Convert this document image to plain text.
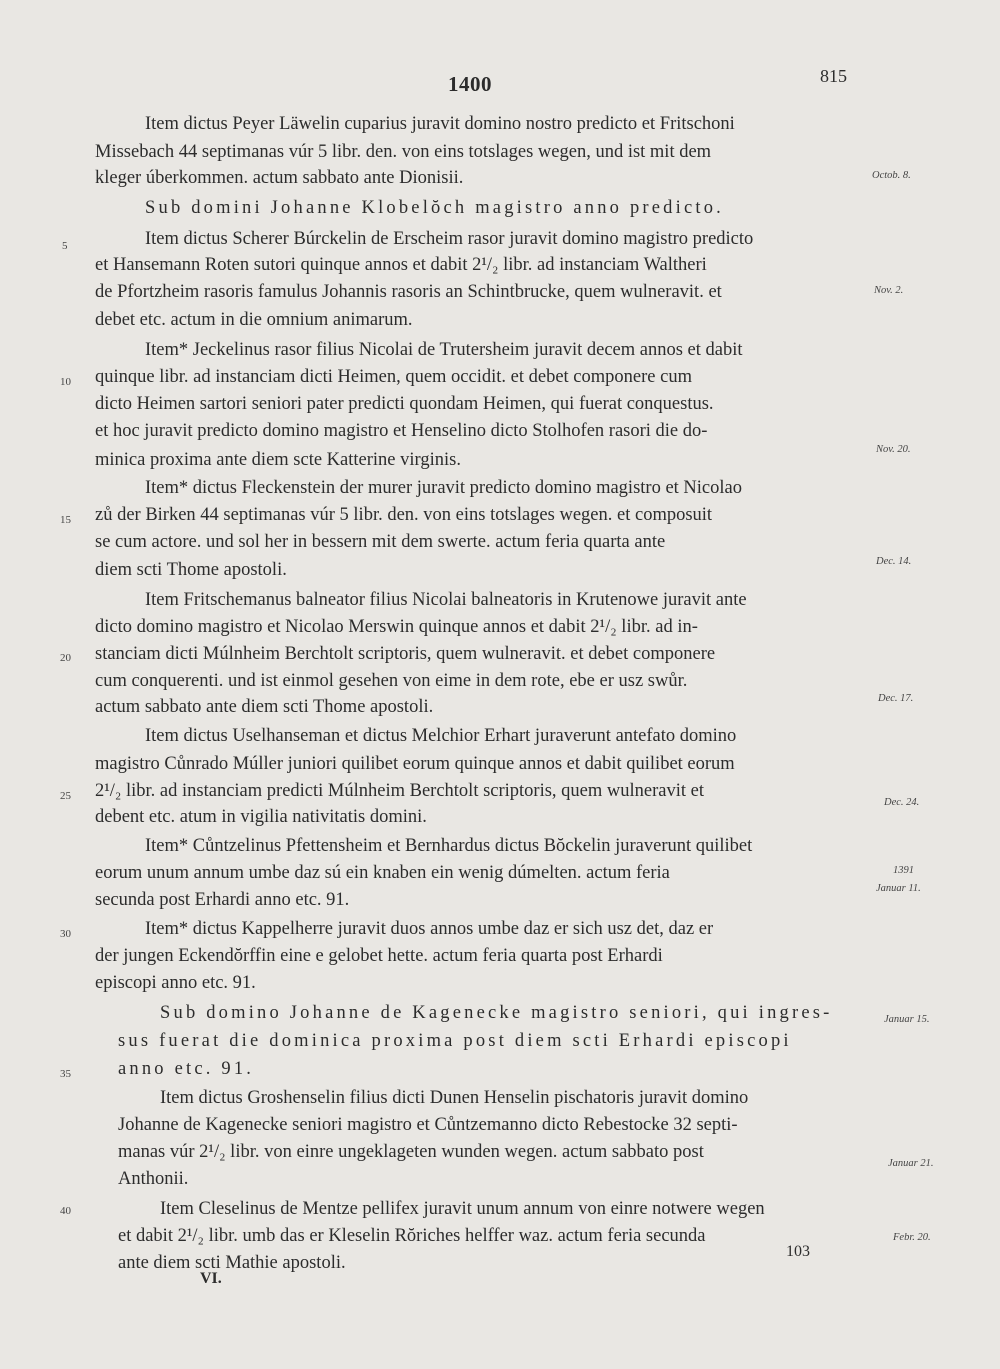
1400	815
Item dictus Peyer Läwelin cuparius juravit domino nostro predicto et Fritschoni
Missebach 44 septimanas vúr 5 libr. den. von eins totslages wegen, und ist mit dem
kleger úberkommen. actum sabbato ante Dionisii.
Sub domini Johanne Klobelŏch magistro anno predicto.
Item dictus Scherer Búrckelin de Erscheim rasor juravit domino magistro predicto
et Hansemann Roten sutori quinque annos et dabit 2¹/₂ libr. ad instanciam Waltheri
de Pfortzheim rasoris famulus Johannis rasoris an Schintbrucke, quem wulneravit. et
debet etc. actum in die omnium animarum.
Item* Jeckelinus rasor filius Nicolai de Trutersheim juravit decem annos et dabit
quinque libr. ad instanciam dicti Heimen, quem occidit. et debet componere cum
dicto Heimen sartori seniori pater predicti quondam Heimen, qui fuerat conquestus.
et hoc juravit predicto domino magistro et Henselino dicto Stolhofen rasori die do-
minica proxima ante diem scte Katterine virginis.
Item* dictus Fleckenstein der murer juravit predicto domino magistro et Nicolao
zů der Birken 44 septimanas vúr 5 libr. den. von eins totslages wegen. et composuit
se cum actore. und sol her in bessern mit dem swerte. actum feria quarta ante
diem scti Thome apostoli.
Item Fritschemanus balneator filius Nicolai balneatoris in Krutenowe juravit ante
dicto domino magistro et Nicolao Merswin quinque annos et dabit 2¹/₂ libr. ad in-
stanciam dicti Múlnheim Berchtolt scriptoris, quem wulneravit. et debet componere
cum conquerenti. und ist einmol gesehen von eime in dem rote, ebe er usz swůr.
actum sabbato ante diem scti Thome apostoli.
Item dictus Uselhanseman et dictus Melchior Erhart juraverunt antefato domino
magistro Cůnrado Múller juniori quilibet eorum quinque annos et dabit quilibet eorum
2¹/₂ libr. ad instanciam predicti Múlnheim Berchtolt scriptoris, quem wulneravit et
debent etc. atum in vigilia nativitatis domini.
Item* Cůntzelinus Pfettensheim et Bernhardus dictus Bŏckelin juraverunt quilibet
eorum unum annum umbe daz sú ein knaben ein wenig dúmelten. actum feria
secunda post Erhardi anno etc. 91.
Item* dictus Kappelherre juravit duos annos umbe daz er sich usz det, daz er
der jungen Eckendŏrffin eine e gelobet hette. actum feria quarta post Erhardi
episcopi anno etc. 91.
Sub domino Johanne de Kagenecke magistro seniori, qui ingres-
sus fuerat die dominica proxima post diem scti Erhardi episcopi
anno etc. 91.
Item dictus Groshenselin filius dicti Dunen Henselin pischatoris juravit domino
Johanne de Kagenecke seniori magistro et Cůntzemanno dicto Rebestocke 32 septi-
manas vúr 2¹/₂ libr. von einre ungeklageten wunden wegen. actum sabbato post
Anthonii.
Item Cleselinus de Mentze pellifex juravit unum annum von einre notwere wegen
et dabit 2¹/₂ libr. umb das er Kleselin Rŏriches helffer waz. actum feria secunda
ante diem scti Mathie apostoli.
5
10
15
20
25
30
35
40
Octob. 8.
Nov. 2.
Nov. 20.
Dec. 14.
Dec. 17.
Dec. 24.
1391
Januar 11.
Januar 15.
Januar 21.
Febr. 20.
103
VI.
